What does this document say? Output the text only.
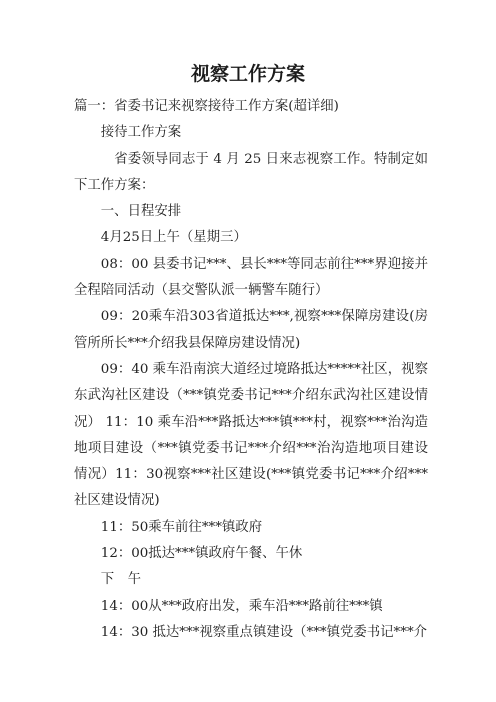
视察工作方案

篇一：省委书记来视察接待工作方案(超详细)

接待工作方案

省委领导同志于 4 月 25 日来志视察工作。特制定如下工作方案：

一、日程安排

4月25日上午（星期三）

08：00 县委书记***、县长***等同志前往***界迎接并全程陪同活动（县交警队派一辆警车随行）

09：20乘车沿303省道抵达***,视察***保障房建设(房管所所长***介绍我县保障房建设情况)

09：40 乘车沿南滨大道经过境路抵达*****社区，视察东武沟社区建设（***镇党委书记***介绍东武沟社区建设情况） 11：10 乘车沿***路抵达***镇***村，视察***治沟造地项目建设（***镇党委书记***介绍***治沟造地项目建设情况）11：30视察***社区建设(***镇党委书记***介绍***社区建设情况)

11：50乘车前往***镇政府

12：00抵达***镇政府午餐、午休

下　午

14：00从***政府出发，乘车沿***路前往***镇

14：30 抵达***视察重点镇建设（***镇党委书记***介
